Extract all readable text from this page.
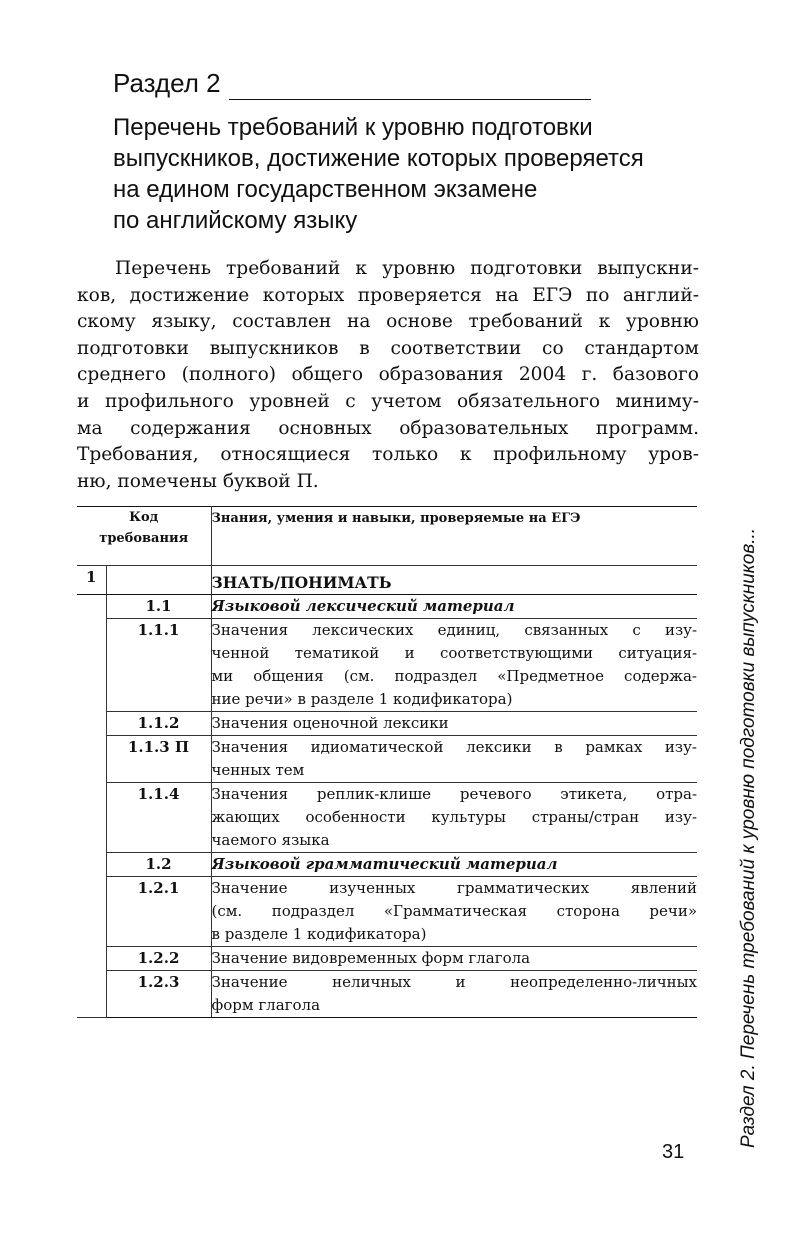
Раздел 2
Перечень требований к уровню подготовки
выпускников, достижение которых проверяется
на едином государственном экзамене
по английскому языку
Перечень требований к уровню подготовки выпускни-
ков, достижение которых проверяется на ЕГЭ по англий-
скому языку, составлен на основе требований к уровню
подготовки выпускников в соответствии со стандартом
среднего (полного) общего образования 2004 г. базового
и профильного уровней с учетом обязательного миниму-
ма содержания основных образовательных программ.
Требования, относящиеся только к профильному уров-
ню, помечены буквой П.
Код
требования		Знания, умения и навыки, проверяемые на ЕГЭ
1		ЗНАТЬ/ПОНИМАТЬ
	1.1	Языковой лексический материал

	1.1.1	Значения лексических единиц, связанных с изу-
ченной тематикой и соответствующими ситуация-
ми общения (см. подраздел «Предметное содержа-
ние речи» в разделе 1 кодификатора)

	1.1.2	Значения оценочной лексики

	1.1.3 П	Значения идиоматической лексики в рамках изу-
ченных тем

	1.1.4	Значения реплик-клише речевого этикета, отра-
жающих особенности культуры страны/стран изу-
чаемого языка

	1.2	Языковой грамматический материал

	1.2.1	Значение изученных грамматических явлений
(см. подраздел «Грамматическая сторона речи»
в разделе 1 кодификатора)

	1.2.2	Значение видовременных форм глагола

	1.2.3	Значение неличных и неопределенно-личных
форм глагола	Раздел 2. Перечень требований к уровню подготовки выпускников...
31
